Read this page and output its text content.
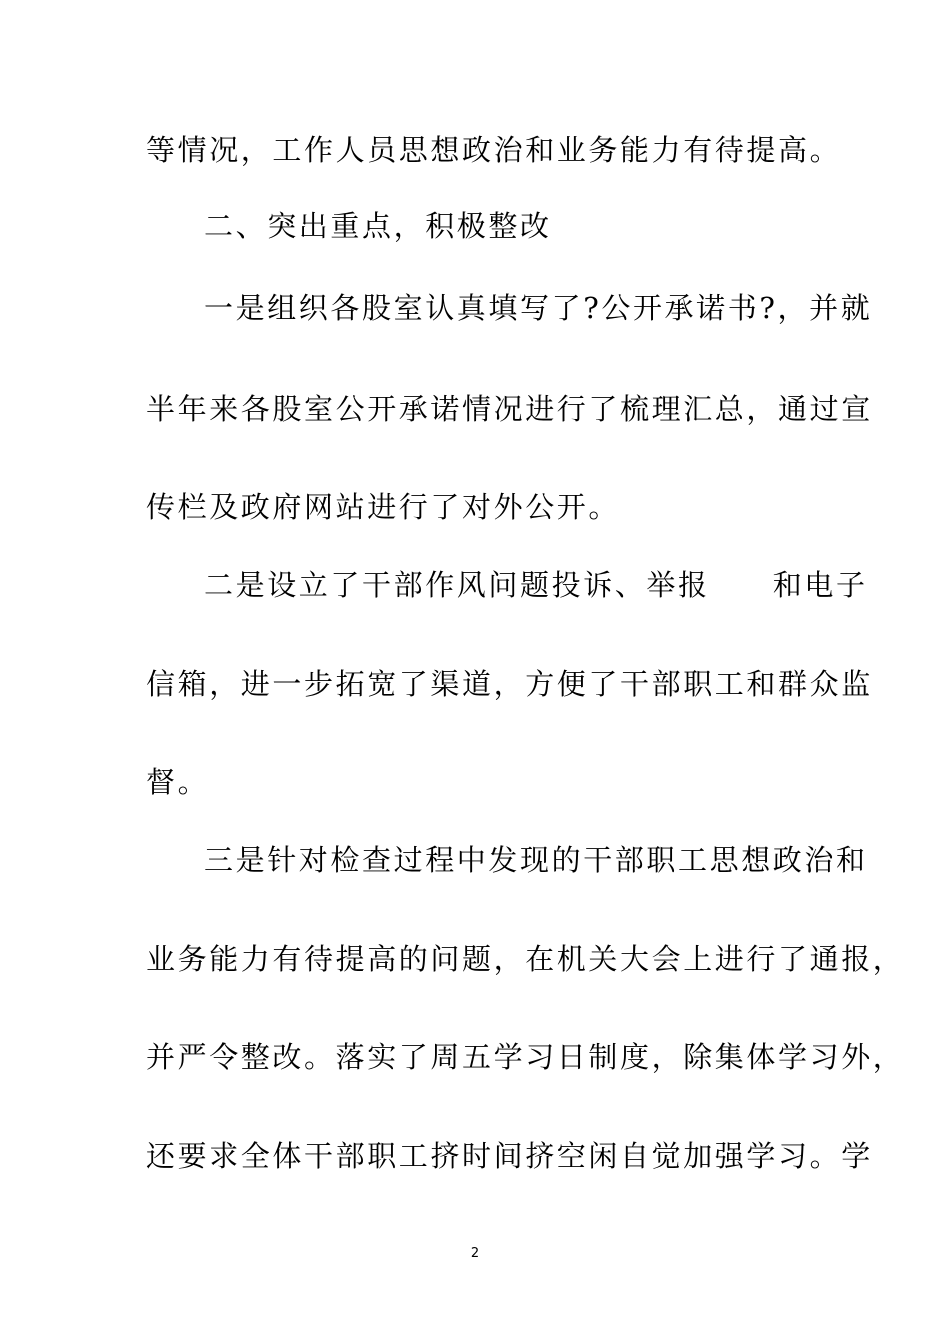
等情况，工作人员思想政治和业务能力有待提高。
二、突出重点，积极整改
一是组织各股室认真填写了?公开承诺书?，并就
半年来各股室公开承诺情况进行了梳理汇总，通过宣
传栏及政府网站进行了对外公开。
二是设立了干部作风问题投诉、举报　　和电子
信箱，进一步拓宽了渠道，方便了干部职工和群众监
督。
三是针对检查过程中发现的干部职工思想政治和
业务能力有待提高的问题，在机关大会上进行了通报，
并严令整改。落实了周五学习日制度，除集体学习外，
还要求全体干部职工挤时间挤空闲自觉加强学习。学
2
